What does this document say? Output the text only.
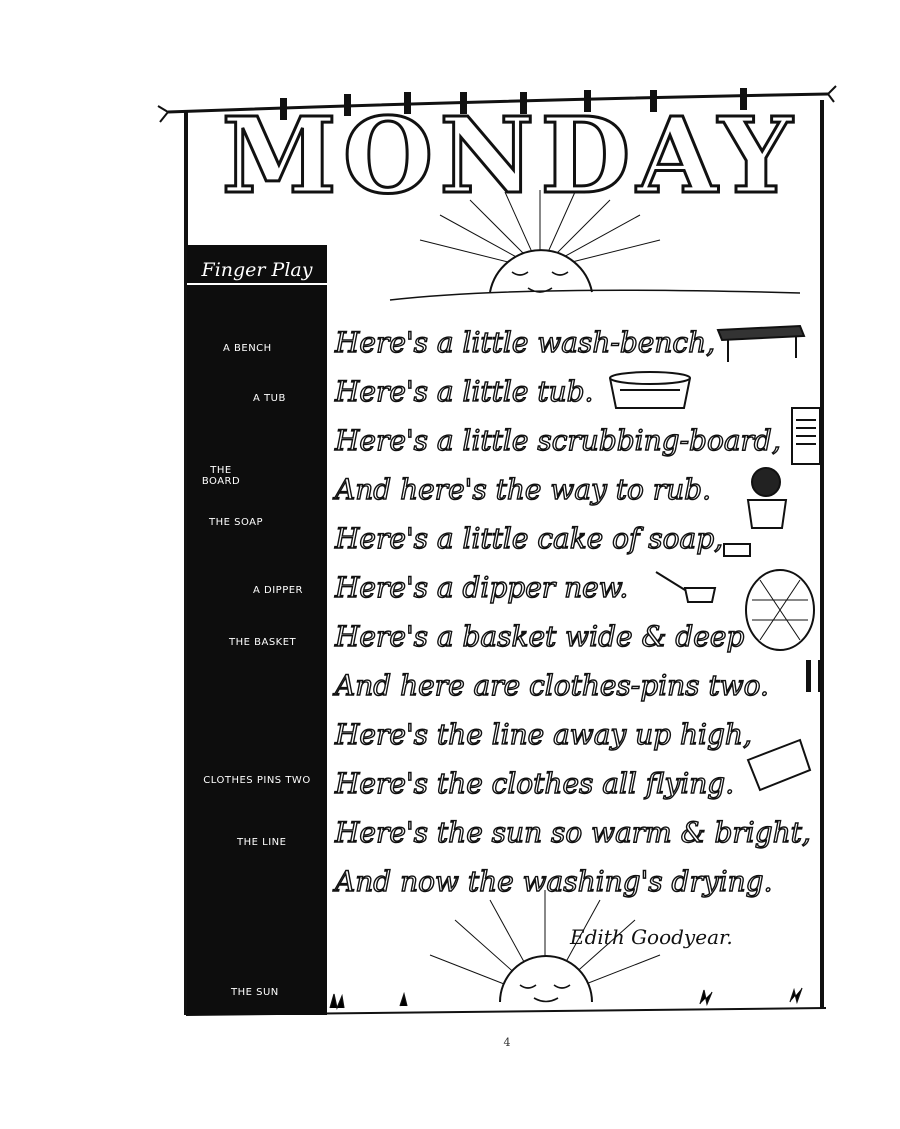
MONDAY
Finger Play
A BENCH
A TUB
THE BOARD
THE SOAP
A DIPPER
THE BASKET
CLOTHES PINS TWO
THE LINE
THE SUN
Here's a little wash-bench,
Here's a little tub.
Here's a little scrubbing-board,
And here's the way to rub.
Here's a little cake of soap,
Here's a dipper new.
Here's a basket wide & deep
And here are clothes-pins two.
Here's the line away up high,
Here's the clothes all flying.
Here's the sun so warm & bright,
And now the washing's drying.
Edith Goodyear.
4
